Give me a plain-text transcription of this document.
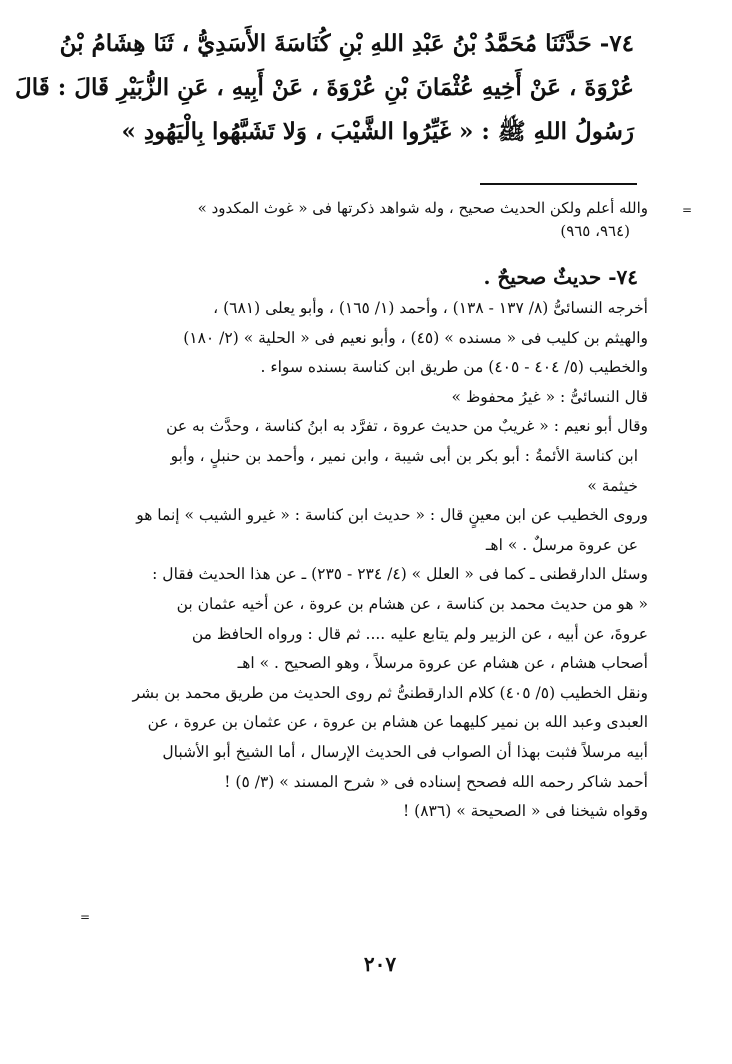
٧٤- حَدَّثَنَا مُحَمَّدُ بْنُ عَبْدِ اللهِ بْنِ كُنَاسَةَ الأَسَدِيُّ ، ثَنَا هِشَامُ بْنُ
عُرْوَةَ ، عَنْ أَخِيهِ عُثْمَانَ بْنِ عُرْوَةَ ، عَنْ أَبِيهِ ، عَنِ الزُّبَيْرِ قَالَ : قَالَ
رَسُولُ اللهِ ﷺ : « غَيِّرُوا الشَّيْبَ ، وَلا تَشَبَّهُوا بِالْيَهُودِ »
=
والله أعلم ولكن الحديث صحيح ، وله شواهد ذكرتها فى « غوث المكدود »
(٩٦٤، ٩٦٥)
٧٤- حديثٌ صحيحٌ .
أخرجه النسائىُّ (٨/ ١٣٧ - ١٣٨) ، وأحمد (١/ ١٦٥) ، وأبو يعلى (٦٨١) ،
والهيثم بن كليب فى « مسنده » (٤٥) ، وأبو نعيم فى « الحلية » (٢/ ١٨٠)
والخطيب (٥/ ٤٠٤ - ٤٠٥) من طريق ابن كناسة بسنده سواء .
قال النسائىُّ : « غيرُ محفوظ »
وقال أبو نعيم : « غريبٌ من حديث عروة ، تفرَّد به ابنُ كناسة ، وحدَّث به عن
ابن كناسة الأئمةُ : أبو بكر بن أبى شيبة ، وابن نمير ، وأحمد بن حنبلٍ ، وأبو
خيثمة »
وروى الخطيب عن ابن معينٍ قال : « حديث ابن كناسة : « غيرو الشيب » إنما هو
عن عروة مرسلٌ . » اهـ
وسئل الدارقطنى ـ كما فى « العلل » (٤/ ٢٣٤ - ٢٣٥) ـ عن هذا الحديث فقال :
« هو من حديث محمد بن كناسة ، عن هشام بن عروة ، عن أخيه عثمان بن
عروةَ، عن أبيه ، عن الزبير ولم يتابع عليه .... ثم قال : ورواه الحافظ من
أصحاب هشام ، عن هشام عن عروة مرسلاً ، وهو الصحيح . » اهـ
ونقل الخطيب (٥/ ٤٠٥) كلام الدارقطنىُّ ثم روى الحديث من طريق محمد بن بشر
العبدى وعبد الله بن نمير كليهما عن هشام بن عروة ، عن عثمان بن عروة ، عن
أبيه مرسلاً فثبت بهذا أن الصواب فى الحديث الإرسال ، أما الشيخ أبو الأشبال
أحمد شاكر رحمه الله فصحح إسناده فى « شرح المسند » (٣/ ٥) !
وقواه شيخنا فى « الصحيحة » (٨٣٦) !
=
٢٠٧
